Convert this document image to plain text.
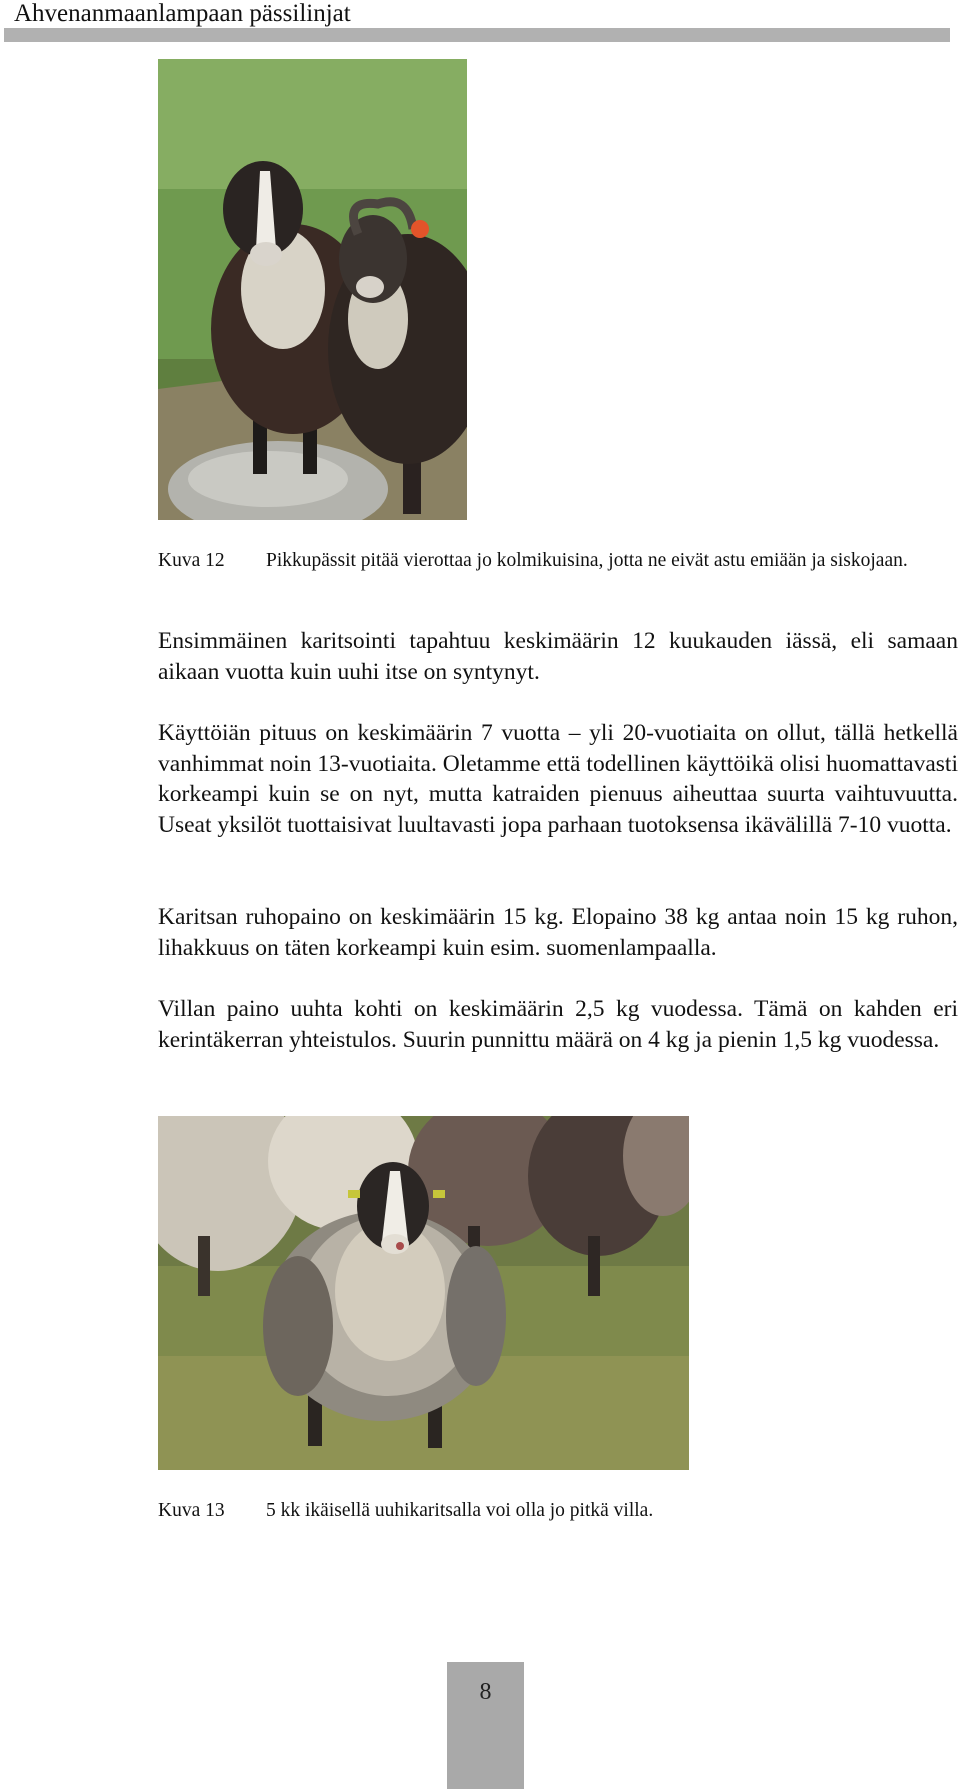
Ahvenanmaanlampaan pässilinjat
Kuva 12	Pikkupässit pitää vierottaa jo kolmikuisina, jotta ne eivät astu emiään ja siskojaan.

Ensimmäinen karitsointi tapahtuu keskimäärin 12 kuukauden iässä, eli samaan aikaan vuotta kuin uuhi itse on syntynyt.

Käyttöiän pituus on keskimäärin 7 vuotta – yli 20-vuotiaita on ollut, tällä hetkellä vanhimmat noin 13-vuotiaita. Oletamme että todellinen käyttöikä olisi huomattavasti korkeampi kuin se on nyt, mutta katraiden pienuus aiheuttaa suurta vaihtuvuutta. Useat yksilöt tuottaisivat luultavasti jopa parhaan tuotoksensa ikävälillä 7-10 vuotta.

Karitsan ruhopaino on keskimäärin 15 kg. Elopaino 38 kg antaa noin 15 kg ruhon, lihakkuus on täten korkeampi kuin esim. suomenlampaalla.

Villan paino uuhta kohti on keskimäärin 2,5 kg vuodessa. Tämä on kahden eri kerintäkerran yhteistulos. Suurin punnittu määrä on 4 kg ja pienin 1,5 kg vuodessa.

Kuva 13	5 kk ikäisellä uuhikaritsalla voi olla jo pitkä villa.
8
